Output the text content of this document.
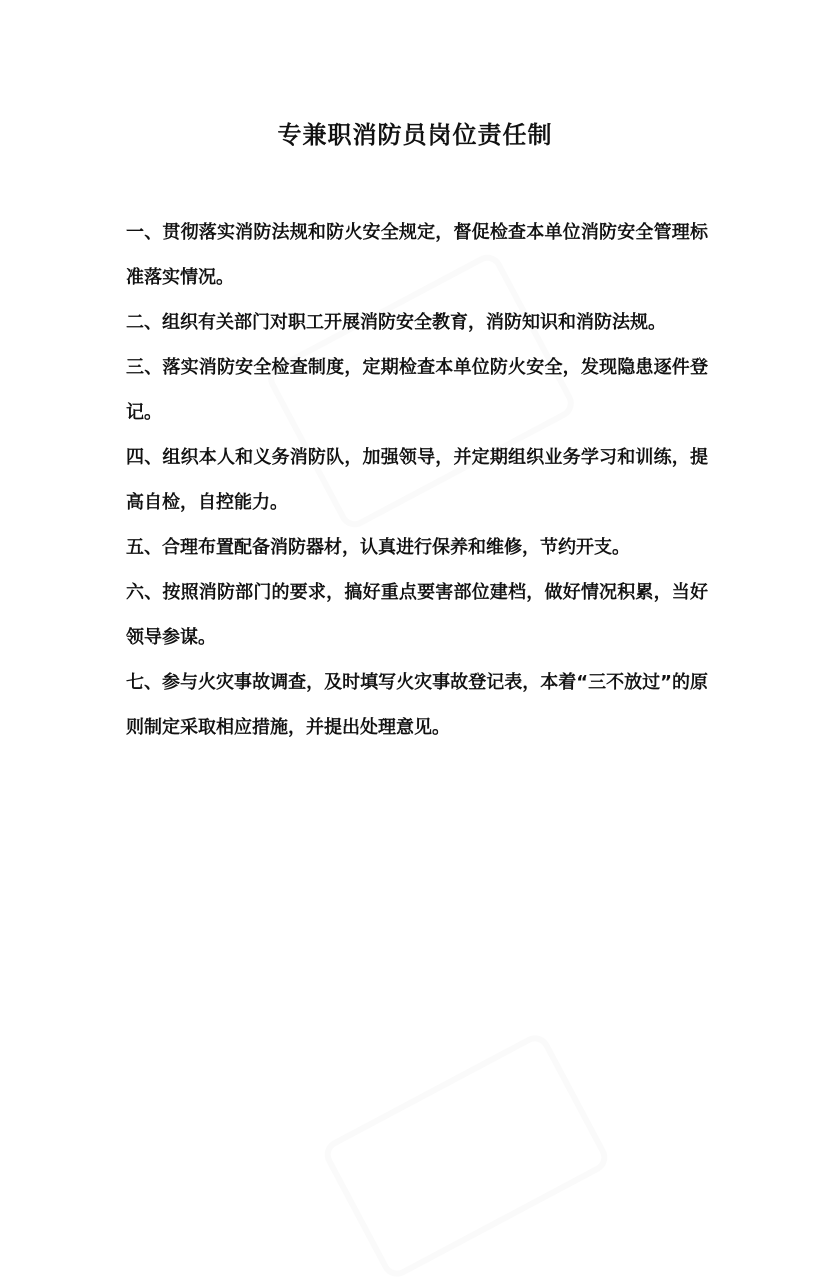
专兼职消防员岗位责任制

一、贯彻落实消防法规和防火安全规定，督促检查本单位消防安全管理标准落实情况。

二、组织有关部门对职工开展消防安全教育，消防知识和消防法规。

三、落实消防安全检查制度，定期检查本单位防火安全，发现隐患逐件登记。

四、组织本人和义务消防队，加强领导，并定期组织业务学习和训练，提高自检，自控能力。

五、合理布置配备消防器材，认真进行保养和维修，节约开支。

六、按照消防部门的要求，搞好重点要害部位建档，做好情况积累，当好领导参谋。

七、参与火灾事故调查，及时填写火灾事故登记表，本着“三不放过”的原则制定采取相应措施，并提出处理意见。
